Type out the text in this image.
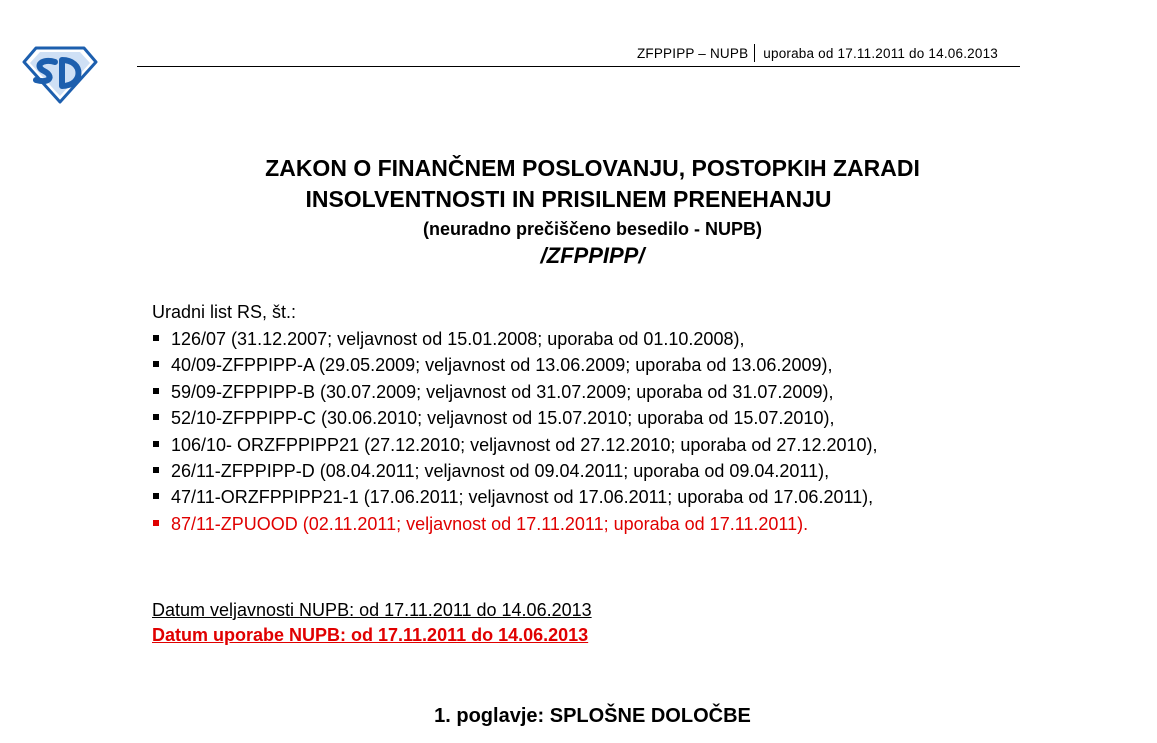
ZFPPIPP – NUPB uporaba od 17.11.2011 do 14.06.2013
ZAKON O FINANČNEM POSLOVANJU, POSTOPKIH ZARADI
INSOLVENTNOSTI IN PRISILNEM PRENEHANJU
(neuradno prečiščeno besedilo - NUPB)
/ZFPPIPP/
Uradni list RS, št.:
126/07 (31.12.2007; veljavnost od 15.01.2008; uporaba od 01.10.2008),
40/09-ZFPPIPP-A (29.05.2009; veljavnost od 13.06.2009; uporaba od 13.06.2009),
59/09-ZFPPIPP-B (30.07.2009; veljavnost od 31.07.2009; uporaba od 31.07.2009),
52/10-ZFPPIPP-C (30.06.2010; veljavnost od 15.07.2010; uporaba od 15.07.2010),
106/10- ORZFPPIPP21 (27.12.2010; veljavnost od 27.12.2010; uporaba od 27.12.2010),
26/11-ZFPPIPP-D (08.04.2011; veljavnost od 09.04.2011; uporaba od 09.04.2011),
47/11-ORZFPPIPP21-1 (17.06.2011; veljavnost od 17.06.2011; uporaba od 17.06.2011),
87/11-ZPUOOD (02.11.2011; veljavnost od 17.11.2011; uporaba od 17.11.2011).
Datum veljavnosti NUPB: od 17.11.2011 do 14.06.2013
Datum uporabe NUPB: od 17.11.2011 do 14.06.2013
1. poglavje: SPLOŠNE DOLOČBE
